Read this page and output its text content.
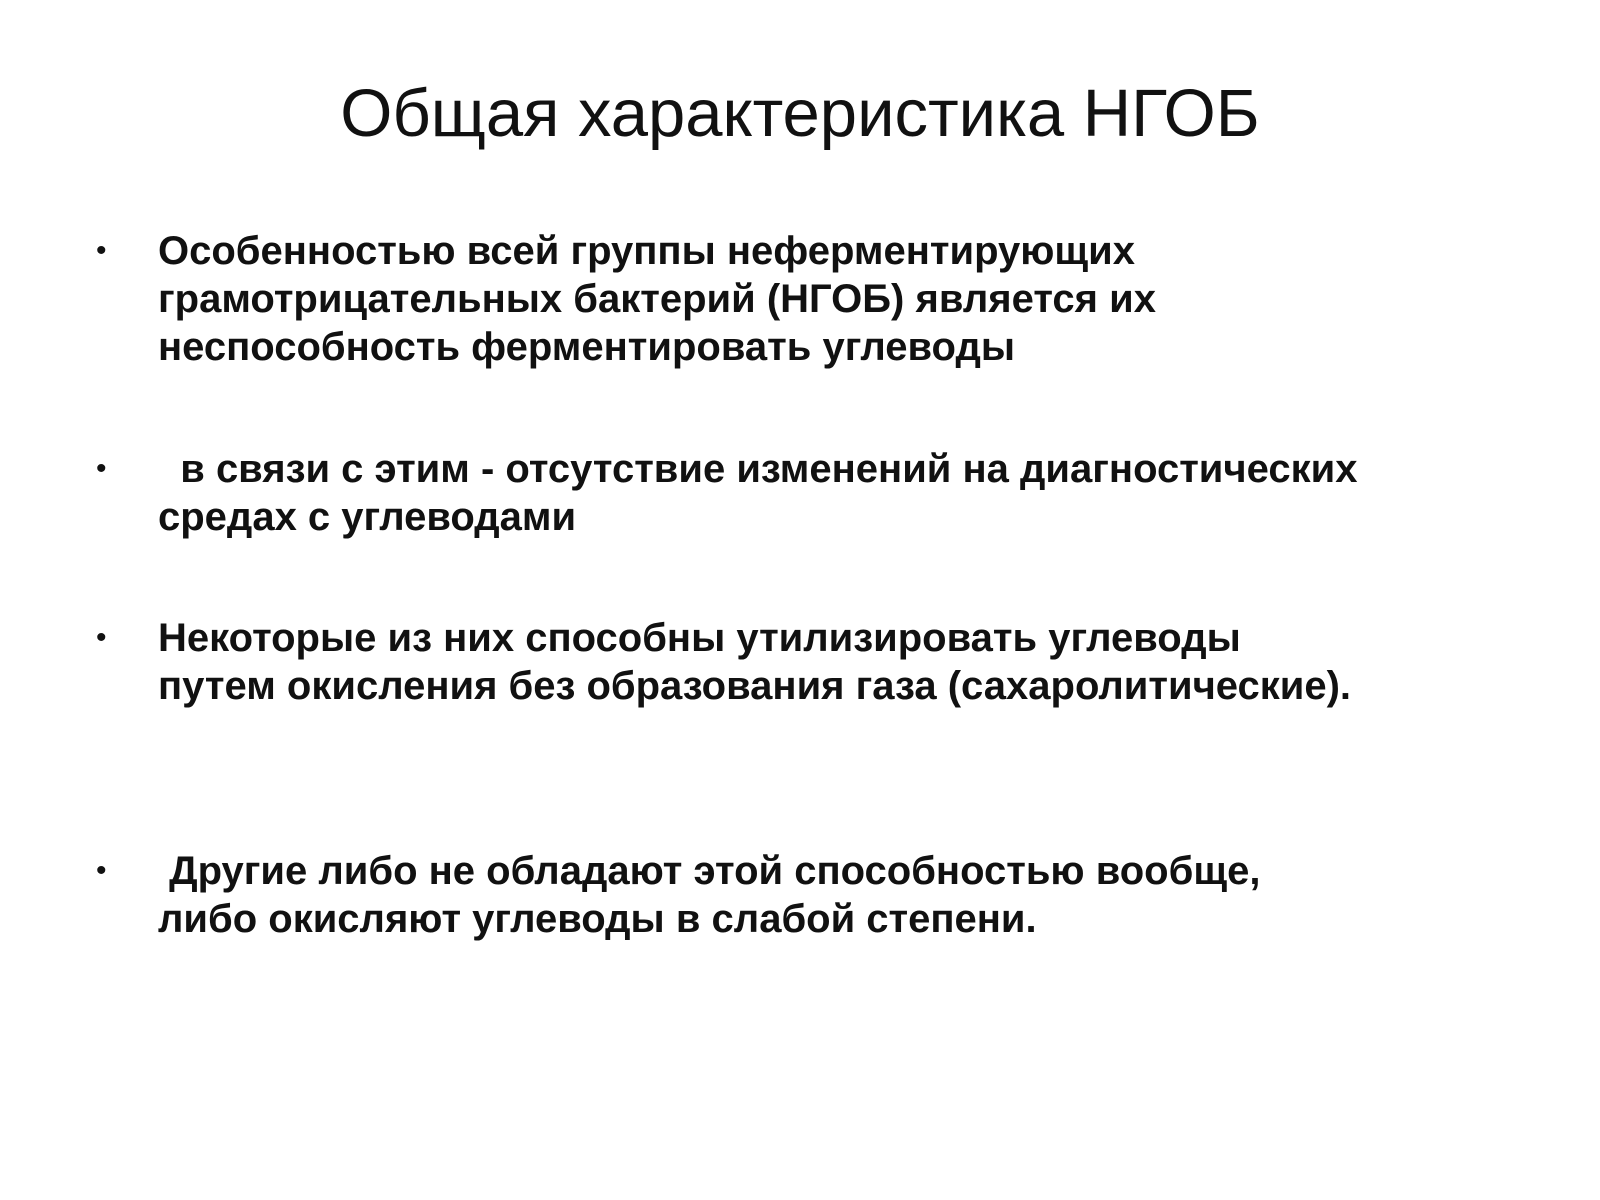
Общая характеристика НГОБ
•	Особенностью всей группы неферментирующих
грамотрицательных бактерий (НГОБ) является их
неспособность ферментировать углеводы

•	в связи с этим - отсутствие изменений на диагностических
средах с углеводами

•	Некоторые из них способны утилизировать углеводы
путем окисления без образования газа (сахаролитические).

•	Другие либо не обладают этой способностью вообще,
либо окисляют углеводы в слабой степени.
